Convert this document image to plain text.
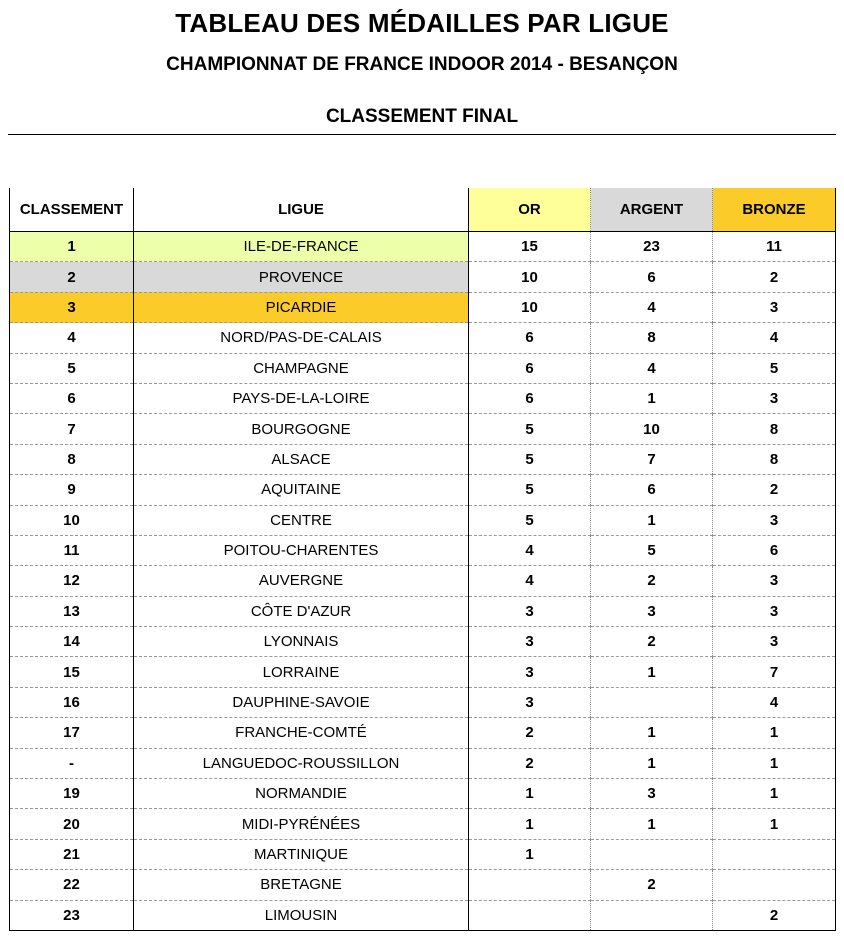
TABLEAU DES MÉDAILLES PAR LIGUE
CHAMPIONNAT DE FRANCE INDOOR 2014 - BESANÇON
CLASSEMENT FINAL
CLASSEMENT	LIGUE	OR	ARGENT	BRONZE
1	ILE-DE-FRANCE	15	23	11
2	PROVENCE	10	6	2
3	PICARDIE	10	4	3
4	NORD/PAS-DE-CALAIS	6	8	4
5	CHAMPAGNE	6	4	5
6	PAYS-DE-LA-LOIRE	6	1	3
7	BOURGOGNE	5	10	8
8	ALSACE	5	7	8
9	AQUITAINE	5	6	2
10	CENTRE	5	1	3
11	POITOU-CHARENTES	4	5	6
12	AUVERGNE	4	2	3
13	CÔTE D'AZUR	3	3	3
14	LYONNAIS	3	2	3
15	LORRAINE	3	1	7
16	DAUPHINE-SAVOIE	3		4
17	FRANCHE-COMTÉ	2	1	1
-	LANGUEDOC-ROUSSILLON	2	1	1
19	NORMANDIE	1	3	1
20	MIDI-PYRÉNÉES	1	1	1
21	MARTINIQUE	1		
22	BRETAGNE		2	
23	LIMOUSIN			2
